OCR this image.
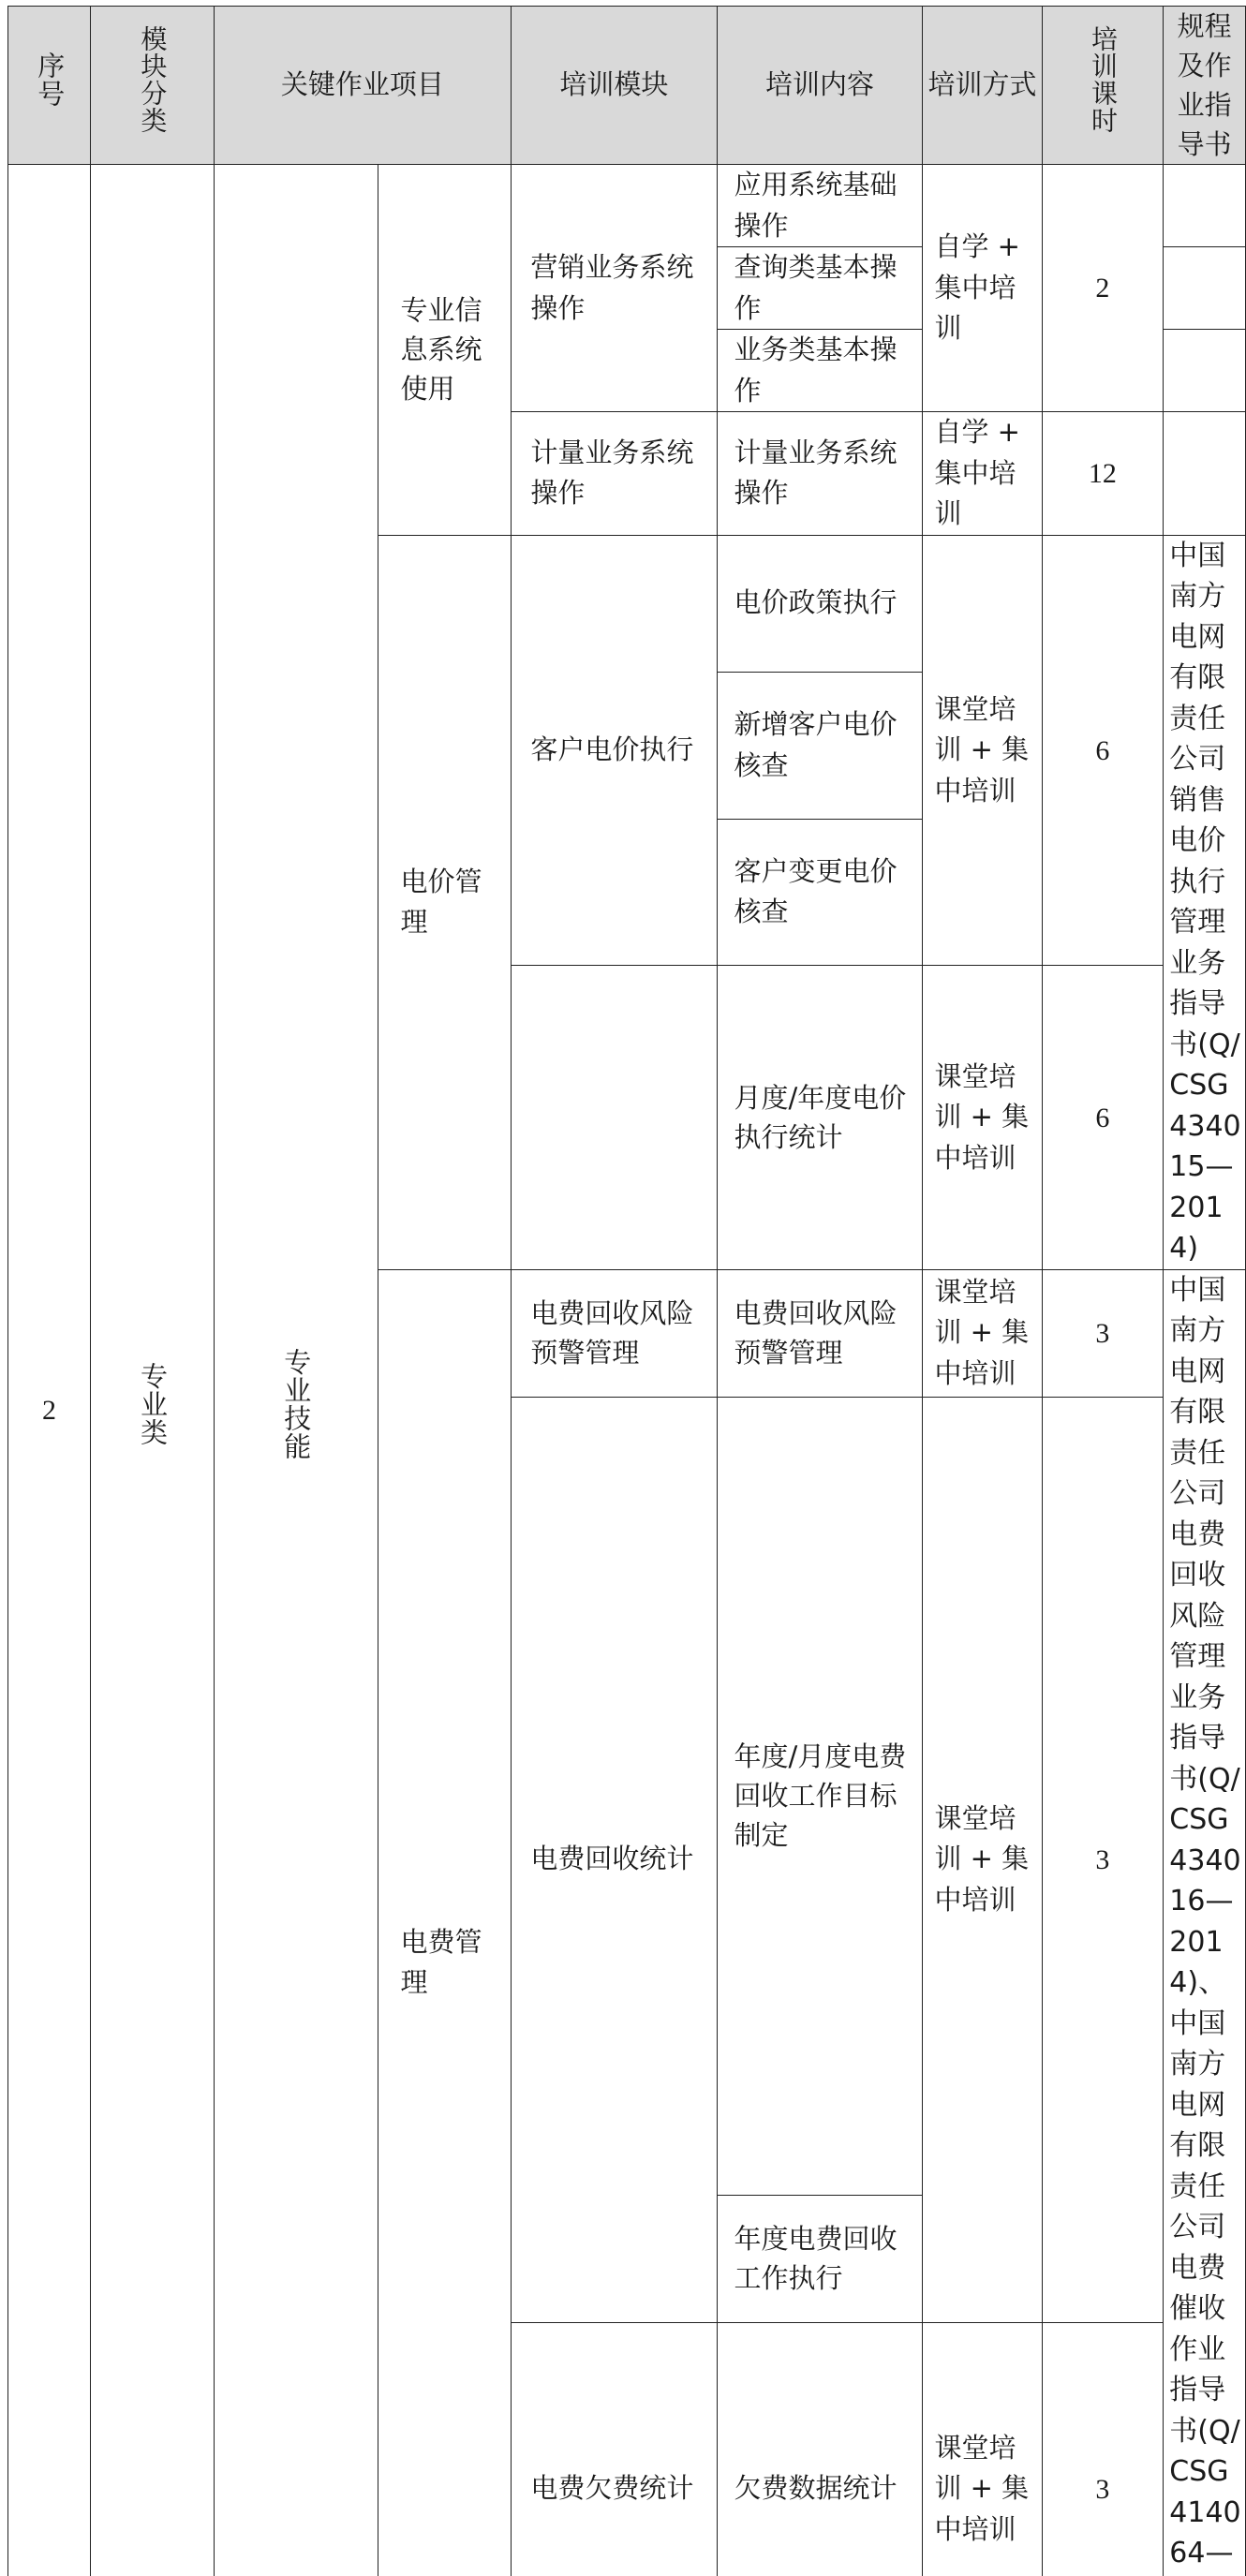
序号	模块分类	关键作业项目		培训模块	培训内容	培训方式	培训课时	规程及作业指导书
2	专业类	专业技能	专业信息系统使用	营销业务系统操作	应用系统基础操作	自学 + 集中培训	2	
					查询类基本操作			
					业务类基本操作			
				计量业务系统操作	计量业务系统操作	自学 + 集中培训	12	
			电价管理	客户电价执行	电价政策执行	课堂培训 + 集中培训	6	中国南方电网有限责任公司销售电价执行管理业务指导书(Q/CSG434015—2014)
					新增客户电价核查			
					客户变更电价核查			
					月度/年度电价执行统计	课堂培训 + 集中培训	6	
			电费管理	电费回收风险预警管理	电费回收风险预警管理	课堂培训 + 集中培训	3	中国南方电网有限责任公司电费回收风险管理业务指导书(Q/CSG434016—2014)、中国南方电网有限责任公司电费催收作业指导书(Q/CSG414064—
				电费回收统计	年度/月度电费回收工作目标制定	课堂培训 + 集中培训	3	
					年度电费回收工作执行			
				电费欠费统计	欠费数据统计	课堂培训 + 集中培训	3	
